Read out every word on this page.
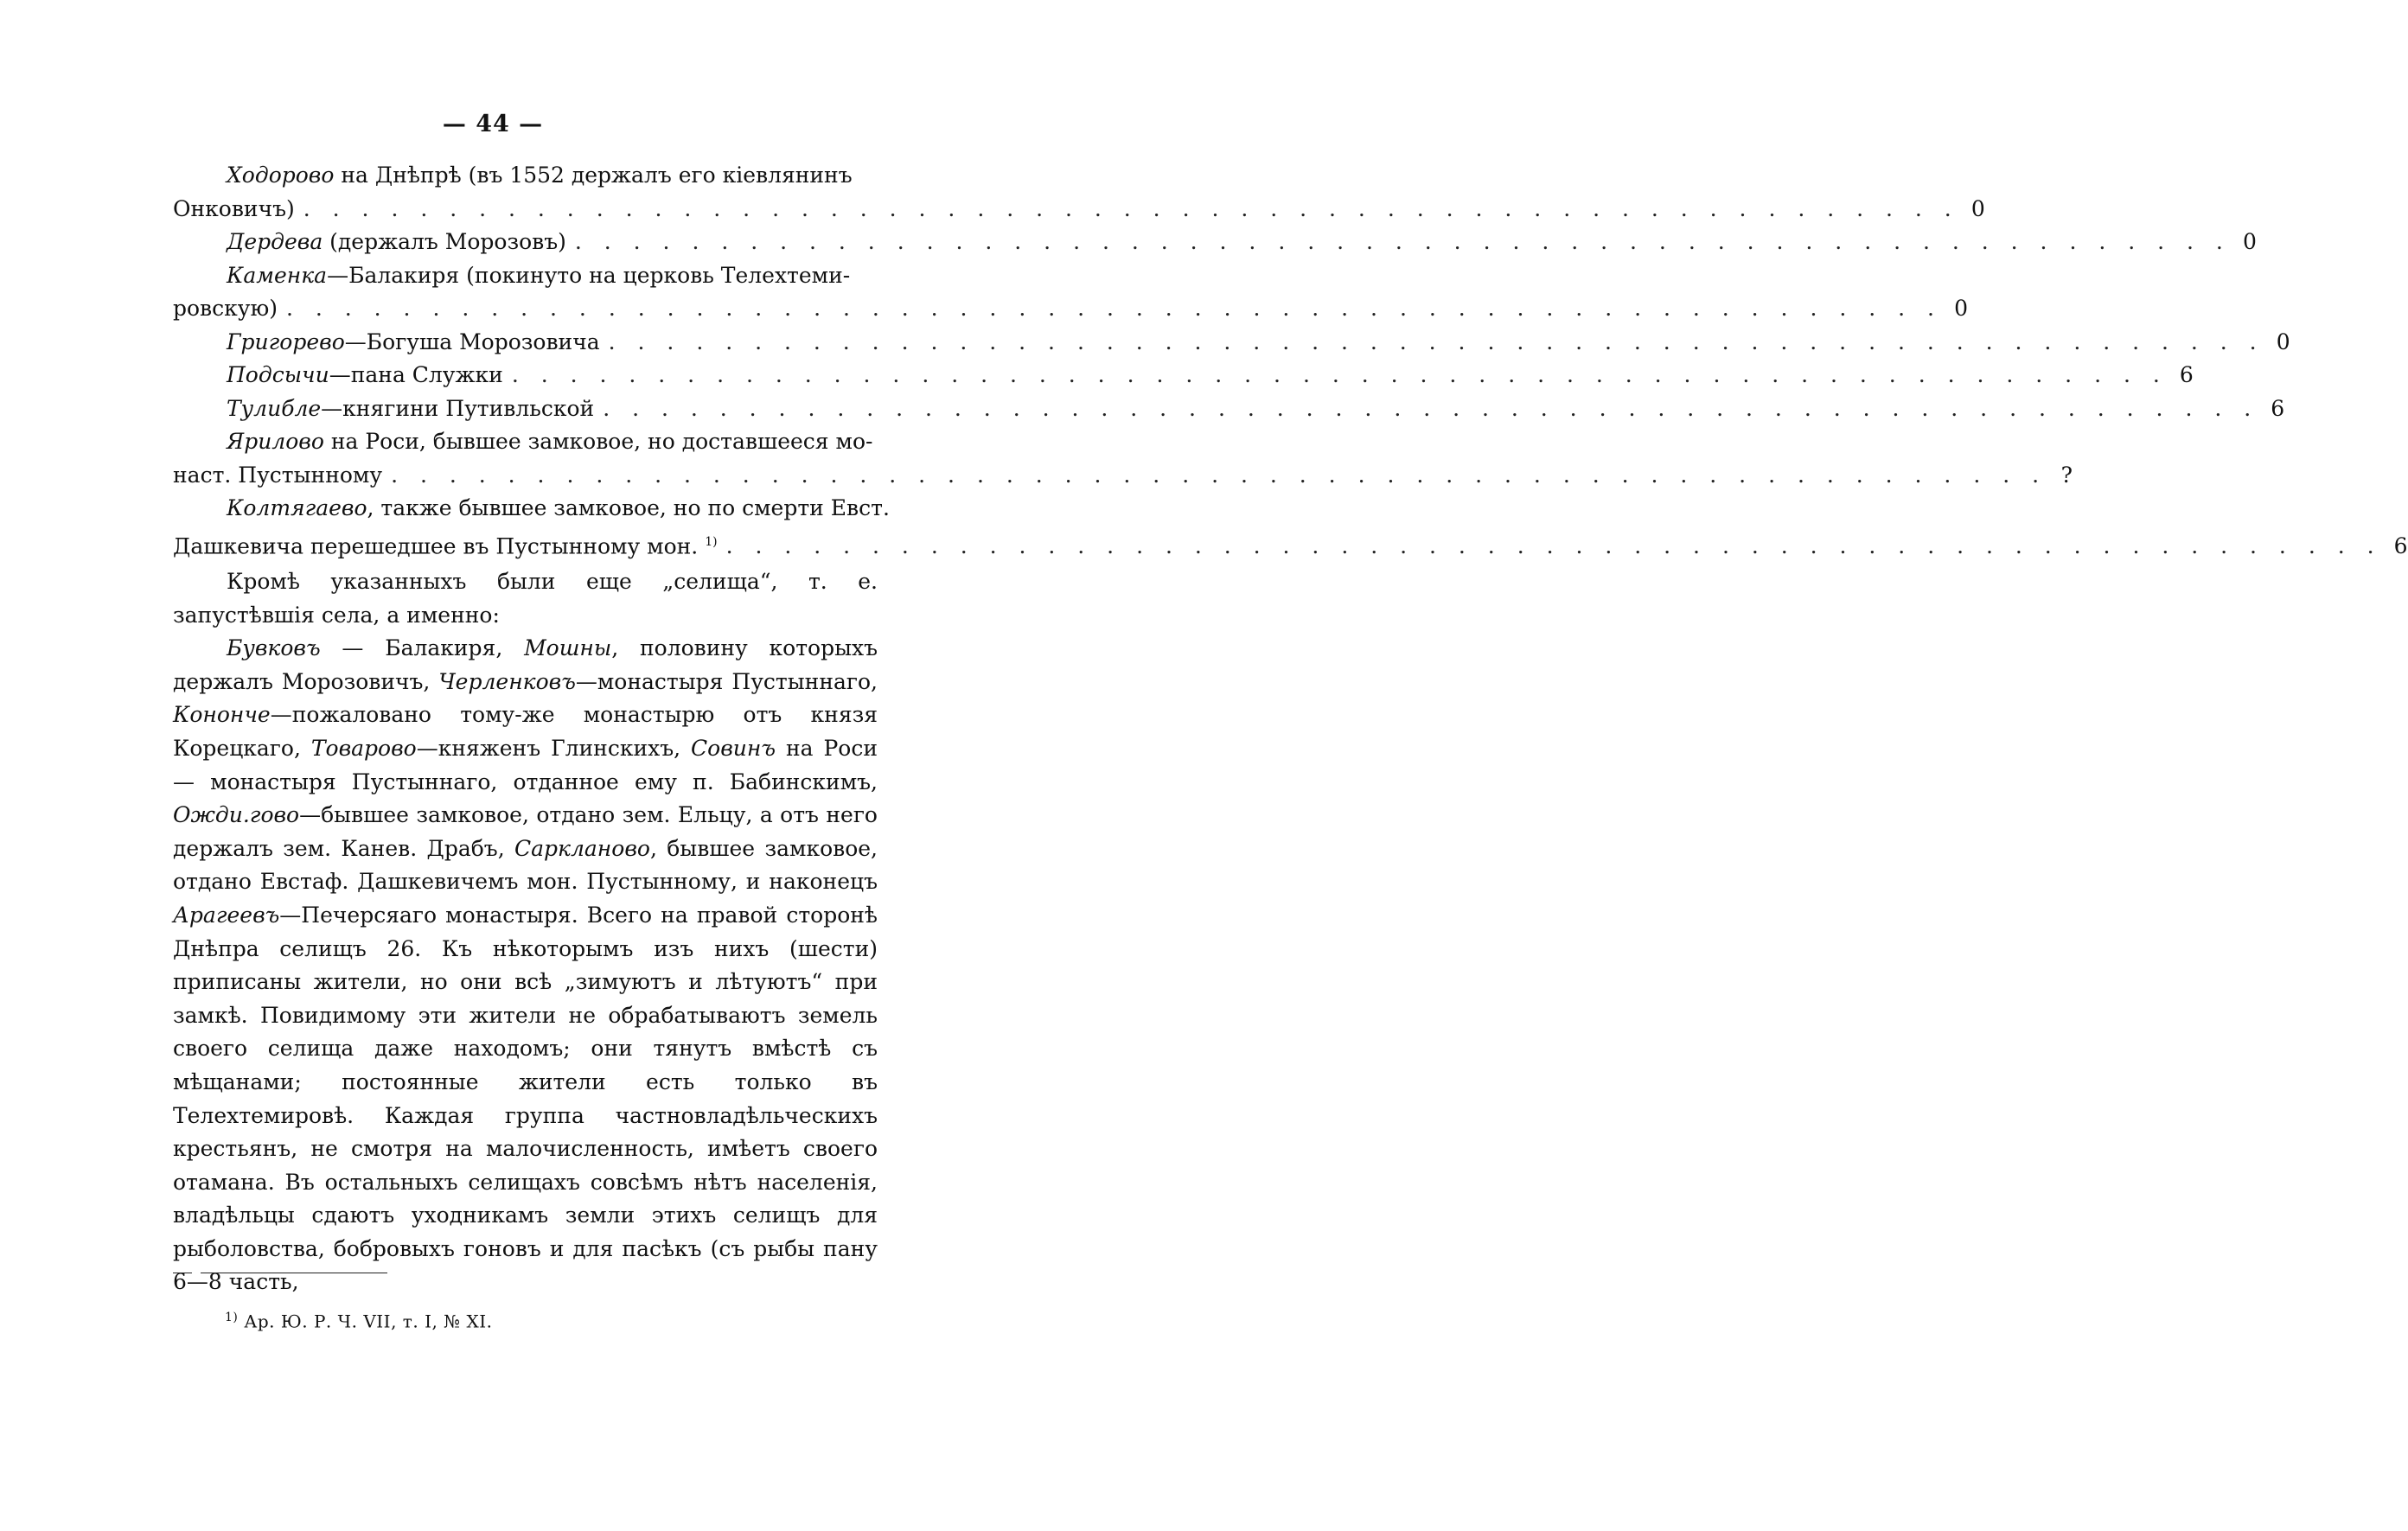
— 44 —
Ходорово на Днѣпрѣ (въ 1552 держалъ его кіевлянинъ
Онковичъ) . . . . . . . . . . . . . . . . . . . . . . . . . . . . . . . . . . . . . . . . . . . . . . . . . . . . . . . . . 0
Дердева (держалъ Морозовъ) . . . . . . . . . . . . . . . . . . . . . . . . . . . . . . . . . . . . . . . . . . . . . . . . . . . . . . . . . 0
Каменка—Балакиря (покинуто на церковь Телехтеми-
ровскую) . . . . . . . . . . . . . . . . . . . . . . . . . . . . . . . . . . . . . . . . . . . . . . . . . . . . . . . . . 0
Григорево—Богуша Морозовича . . . . . . . . . . . . . . . . . . . . . . . . . . . . . . . . . . . . . . . . . . . . . . . . . . . . . . . . . 0
Подсычи—пана Служки . . . . . . . . . . . . . . . . . . . . . . . . . . . . . . . . . . . . . . . . . . . . . . . . . . . . . . . . . 6
Тулибле—княгини Путивльской . . . . . . . . . . . . . . . . . . . . . . . . . . . . . . . . . . . . . . . . . . . . . . . . . . . . . . . . . 6
Ярилово на Роси, бывшее замковое, но доставшееся мо-
наст. Пустынному . . . . . . . . . . . . . . . . . . . . . . . . . . . . . . . . . . . . . . . . . . . . . . . . . . . . . . . . . ?
Колтягаево, также бывшее замковое, но по смерти Евст.
Дашкевича перешедшее въ Пустынному мон. $^{1)}$ . . . . . . . . . . . . . . . . . . . . . . . . . . . . . . . . . . . . . . . . . . . . . . . . . . . . . . . . . 6

Кромѣ указанныхъ были еще „селища“, т. е. запустѣвшія села, а именно:

Бувковъ — Балакиря, Мошны, половину которыхъ держалъ Морозовичъ, Черленковъ—монастыря Пустыннаго, Кононче—пожаловано тому-же монастырю отъ князя Корецкаго, Товарово—княженъ Глинскихъ, Совинъ на Роси — монастыря Пустыннаго, отданное ему п. Бабинскимъ, Ожди.гово—бывшее замковое, отдано зем. Ельцу, а отъ него держалъ зем. Канев. Драбъ, Сарклановo, бывшее замковое, отдано Евстаф. Дашкевичемъ мон. Пустынному, и наконецъ Арагеевъ—Печерсяаго монастыря. Всего на правой сторонѣ Днѣпра селищъ 26. Къ нѣкоторымъ изъ нихъ (шести) приписаны жители, но они всѣ „зимуютъ и лѣтуютъ“ при замкѣ. Повидимому эти жители не обрабатываютъ земель своего селища даже находомъ; они тянутъ вмѣстѣ съ мѣщанами; постоянные жители есть только въ Телехтемировѣ. Каждая группа частновладѣльческихъ крестьянъ, не смотря на малочисленность, имѣетъ своего отамана. Въ остальныхъ селищахъ совсѣмъ нѣтъ населенія, владѣльцы сдаютъ уходникамъ земли этихъ селищъ для рыболовства, бобровыхъ гоновъ и для пасѣкъ (съ рыбы пану 6—8 часть,

$^{1)}$ Ар. Ю. Р. Ч. VII, т. I, № XI.
